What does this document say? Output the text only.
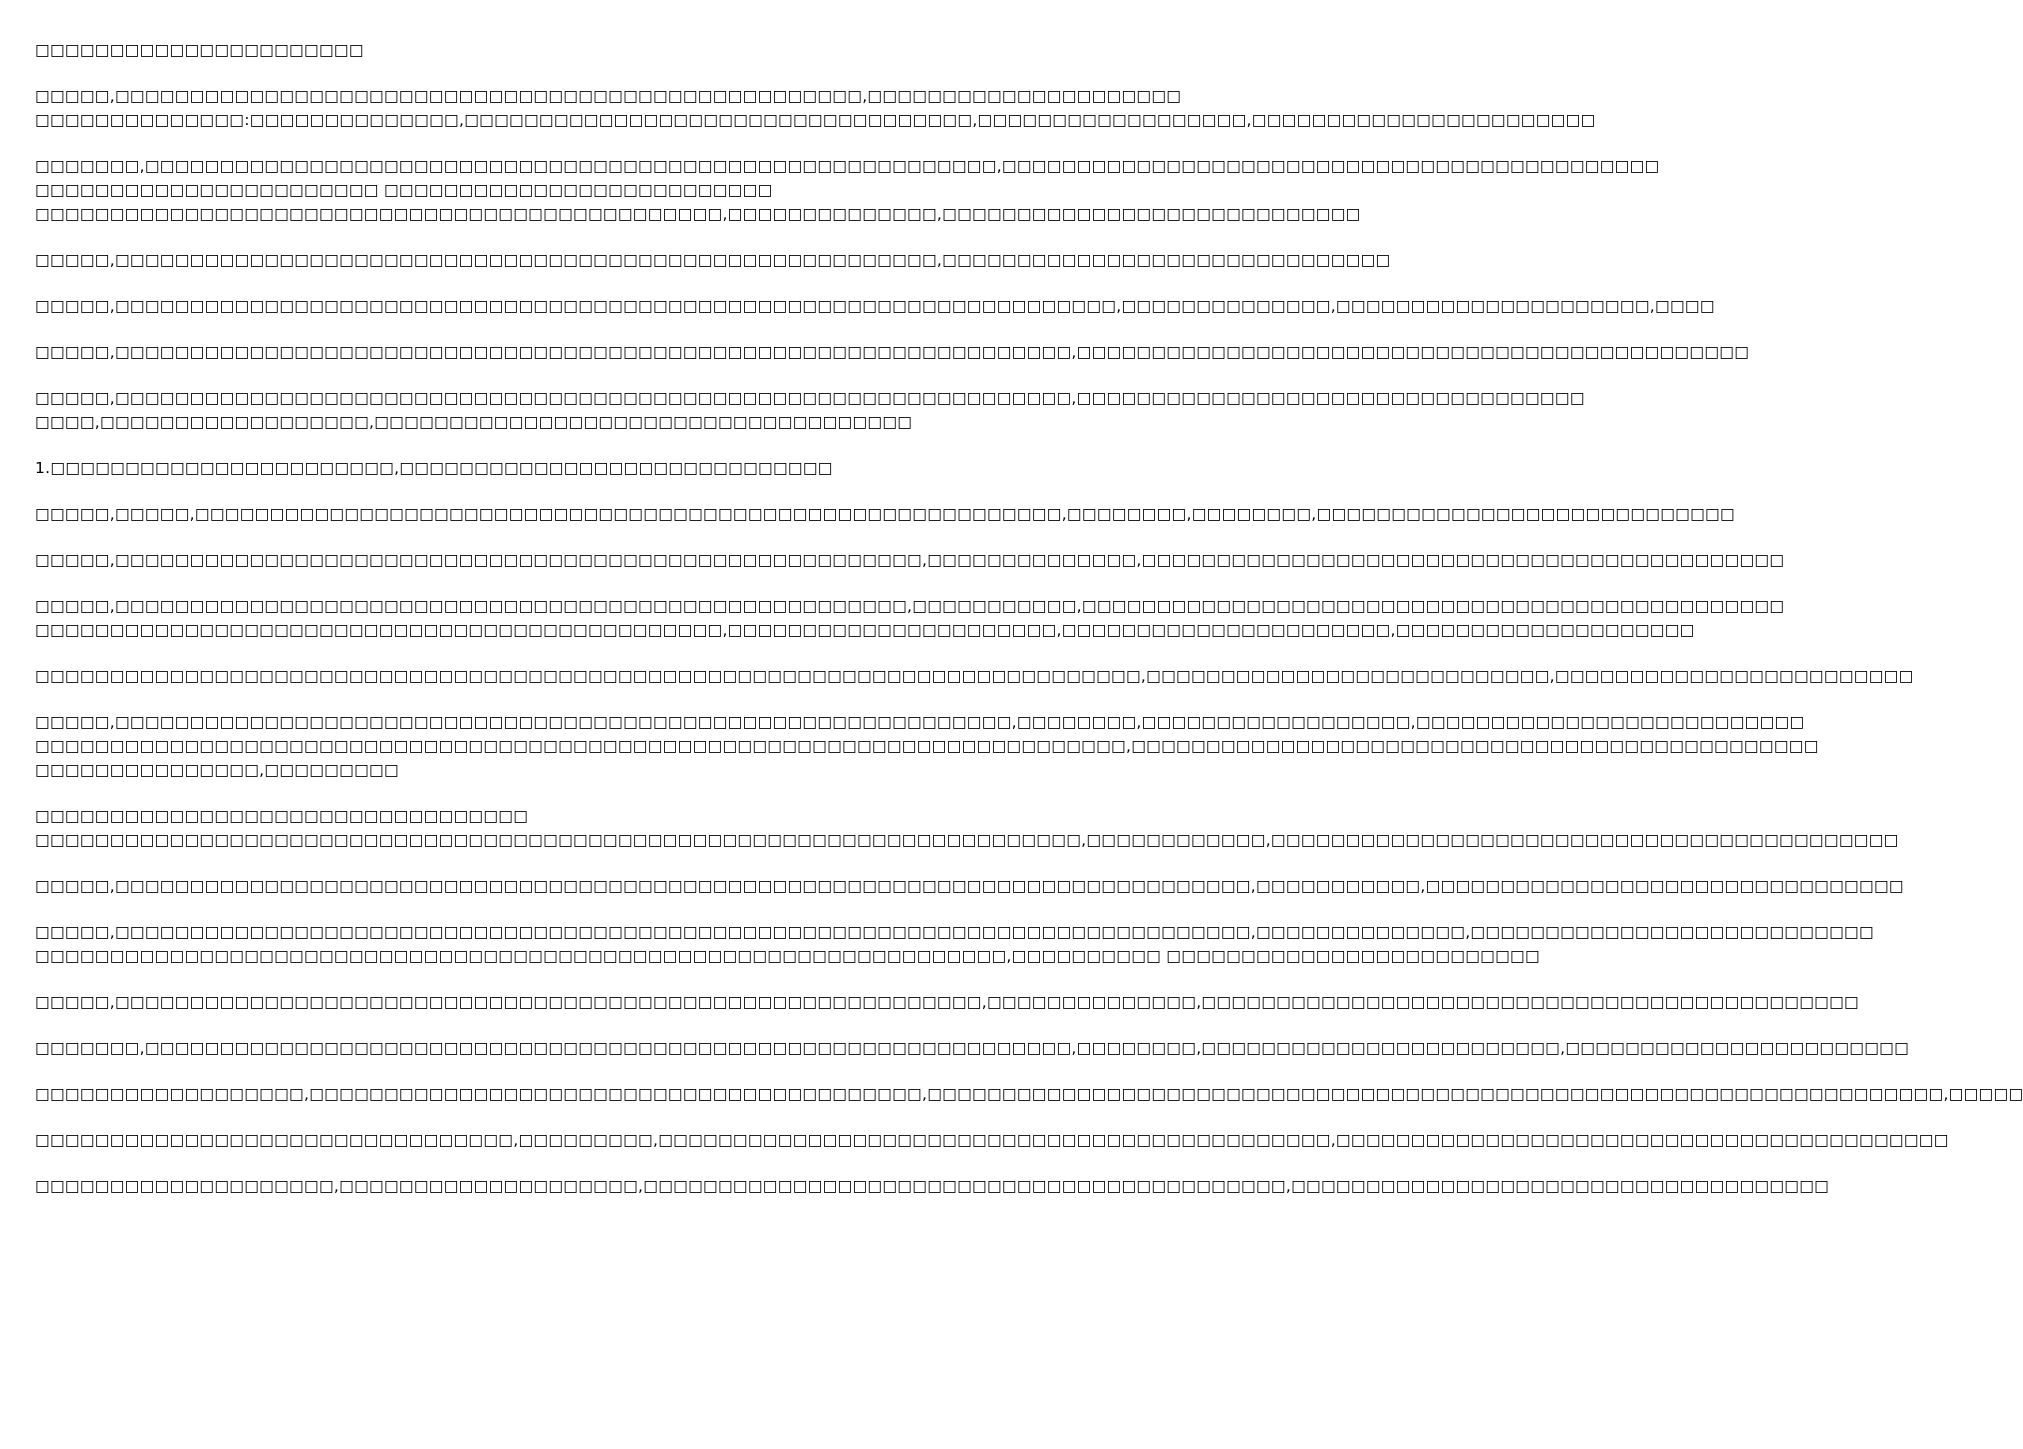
□□□□□□□□□□□□□□□□□□□□□□
□□□□□,□□□□□□□□□□□□□□□□□□□□□□□□□□□□□□□□□□□□□□□□□□□□□□□□□□,□□□□□□□□□□□□□□□□□□□□□
□□□□□□□□□□□□□□:□□□□□□□□□□□□□□,□□□□□□□□□□□□□□□□□□□□□□□□□□□□□□□□□□,□□□□□□□□□□□□□□□□□□,□□□□□□□□□□□□□□□□□□□□□□□
□□□□□□□,□□□□□□□□□□□□□□□□□□□□□□□□□□□□□□□□□□□□□□□□□□□□□□□□□□□□□□□□□,□□□□□□□□□□□□□□□□□□□□□□□□□□□□□□□□□□□□□□□□□□□□
□□□□□□□□□□□□□□□□□□□□□□□ □□□□□□□□□□□□□□□□□□□□□□□□□□
□□□□□□□□□□□□□□□□□□□□□□□□□□□□□□□□□□□□□□□□□□□□□□,□□□□□□□□□□□□□□,□□□□□□□□□□□□□□□□□□□□□□□□□□□□
□□□□□,□□□□□□□□□□□□□□□□□□□□□□□□□□□□□□□□□□□□□□□□□□□□□□□□□□□□□□□,□□□□□□□□□□□□□□□□□□□□□□□□□□□□□□
□□□□□,□□□□□□□□□□□□□□□□□□□□□□□□□□□□□□□□□□□□□□□□□□□□□□□□□□□□□□□□□□□□□□□□□□□,□□□□□□□□□□□□□□,□□□□□□□□□□□□□□□□□□□□□,□□□□
□□□□□,□□□□□□□□□□□□□□□□□□□□□□□□□□□□□□□□□□□□□□□□□□□□□□□□□□□□□□□□□□□□□□□□,□□□□□□□□□□□□□□□□□□□□□□□□□□□□□□□□□□□□□□□□□□□□□
□□□□□,□□□□□□□□□□□□□□□□□□□□□□□□□□□□□□□□□□□□□□□□□□□□□□□□□□□□□□□□□□□□□□□□,□□□□□□□□□□□□□□□□□□□□□□□□□□□□□□□□□□
□□□□,□□□□□□□□□□□□□□□□□□,□□□□□□□□□□□□□□□□□□□□□□□□□□□□□□□□□□□□
1.□□□□□□□□□□□□□□□□□□□□□□□,□□□□□□□□□□□□□□□□□□□□□□□□□□□□□
□□□□□,□□□□□,□□□□□□□□□□□□□□□□□□□□□□□□□□□□□□□□□□□□□□□□□□□□□□□□□□□□□□□□□□,□□□□□□□□,□□□□□□□□,□□□□□□□□□□□□□□□□□□□□□□□□□□□□
□□□□□,□□□□□□□□□□□□□□□□□□□□□□□□□□□□□□□□□□□□□□□□□□□□□□□□□□□□□□,□□□□□□□□□□□□□□,□□□□□□□□□□□□□□□□□□□□□□□□□□□□□□□□□□□□□□□□□□□
□□□□□,□□□□□□□□□□□□□□□□□□□□□□□□□□□□□□□□□□□□□□□□□□□□□□□□□□□□□,□□□□□□□□□□□,□□□□□□□□□□□□□□□□□□□□□□□□□□□□□□□□□□□□□□□□□□□□□□□
□□□□□□□□□□□□□□□□□□□□□□□□□□□□□□□□□□□□□□□□□□□□□□,□□□□□□□□□□□□□□□□□□□□□□,□□□□□□□□□□□□□□□□□□□□□□,□□□□□□□□□□□□□□□□□□□□
□□□□□□□□□□□□□□□□□□□□□□□□□□□□□□□□□□□□□□□□□□□□□□□□□□□□□□□□□□□□□□□□□□□□□□□□□□,□□□□□□□□□□□□□□□□□□□□□□□□□□□,□□□□□□□□□□□□□□□□□□□□□□□□
□□□□□,□□□□□□□□□□□□□□□□□□□□□□□□□□□□□□□□□□□□□□□□□□□□□□□□□□□□□□□□□□□□,□□□□□□□□,□□□□□□□□□□□□□□□□□□,□□□□□□□□□□□□□□□□□□□□□□□□□□
□□□□□□□□□□□□□□□□□□□□□□□□□□□□□□□□□□□□□□□□□□□□□□□□□□□□□□□□□□□□□□□□□□□□□□□□□,□□□□□□□□□□□□□□□□□□□□□□□□□□□□□□□□□□□□□□□□□□□□□□
□□□□□□□□□□□□□□□,□□□□□□□□□
□□□□□□□□□□□□□□□□□□□□□□□□□□□□□□□□□
□□□□□□□□□□□□□□□□□□□□□□□□□□□□□□□□□□□□□□□□□□□□□□□□□□□□□□□□□□□□□□□□□□□□□□,□□□□□□□□□□□□,□□□□□□□□□□□□□□□□□□□□□□□□□□□□□□□□□□□□□□□□□□
□□□□□,□□□□□□□□□□□□□□□□□□□□□□□□□□□□□□□□□□□□□□□□□□□□□□□□□□□□□□□□□□□□□□□□□□□□□□□□□□□□,□□□□□□□□□□□,□□□□□□□□□□□□□□□□□□□□□□□□□□□□□□□□
□□□□□,□□□□□□□□□□□□□□□□□□□□□□□□□□□□□□□□□□□□□□□□□□□□□□□□□□□□□□□□□□□□□□□□□□□□□□□□□□□□,□□□□□□□□□□□□□□,□□□□□□□□□□□□□□□□□□□□□□□□□□□
□□□□□□□□□□□□□□□□□□□□□□□□□□□□□□□□□□□□□□□□□□□□□□□□□□□□□□□□□□□□□□□□□,□□□□□□□□□□ □□□□□□□□□□□□□□□□□□□□□□□□□
□□□□□,□□□□□□□□□□□□□□□□□□□□□□□□□□□□□□□□□□□□□□□□□□□□□□□□□□□□□□□□□□,□□□□□□□□□□□□□□,□□□□□□□□□□□□□□□□□□□□□□□□□□□□□□□□□□□□□□□□□□□□
□□□□□□□,□□□□□□□□□□□□□□□□□□□□□□□□□□□□□□□□□□□□□□□□□□□□□□□□□□□□□□□□□□□□□□,□□□□□□□□,□□□□□□□□□□□□□□□□□□□□□□□□,□□□□□□□□□□□□□□□□□□□□□□□
□□□□□□□□□□□□□□□□□□,□□□□□□□□□□□□□□□□□□□□□□□□□□□□□□□□□□□□□□□□□,□□□□□□□□□□□□□□□□□□□□□□□□□□□□□□□□□□□□□□□□□□□□□□□□□□□□□□□□□□□□□□□□□□□□,□□□□□
□□□□□□□□□□□□□□□□□□□□□□□□□□□□□□□□,□□□□□□□□□,□□□□□□□□□□□□□□□□□□□□□□□□□□□□□□□□□□□□□□□□□□□□□,□□□□□□□□□□□□□□□□□□□□□□□□□□□□□□□□□□□□□□□□□
□□□□□□□□□□□□□□□□□□□□,□□□□□□□□□□□□□□□□□□□□,□□□□□□□□□□□□□□□□□□□□□□□□□□□□□□□□□□□□□□□□□□□,□□□□□□□□□□□□□□□□□□□□□□□□□□□□□□□□□□□□
